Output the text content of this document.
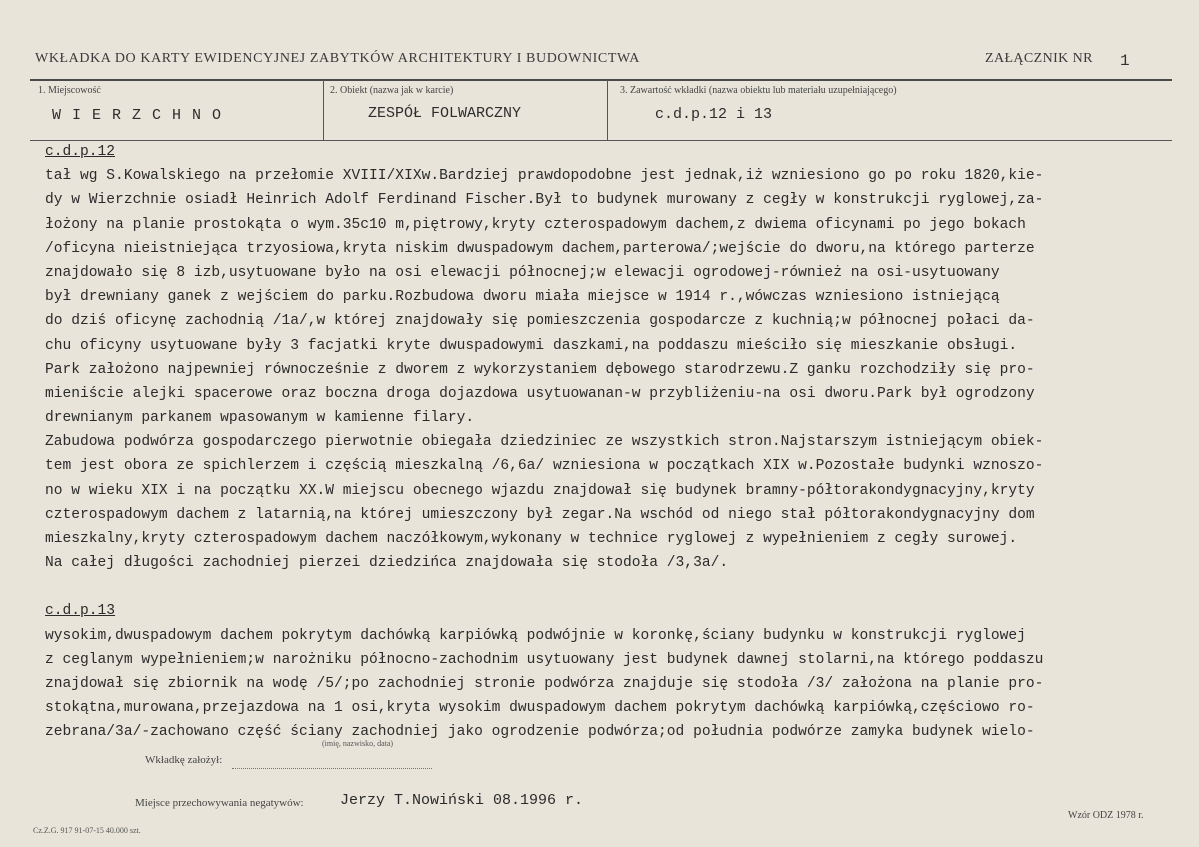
WKŁADKA DO KARTY EWIDENCYJNEJ ZABYTKÓW ARCHITEKTURY I BUDOWNICTWA	ZAŁĄCZNIK NR 1
1. Miejscowość
W I E R Z C H N O
2. Obiekt (nazwa jak w karcie)
ZESPÓŁ FOLWARCZNY
3. Zawartość wkładki (nazwa obiektu lub materiału uzupełniającego)
c.d.p.12 i 13
c.d.p.12
tał wg S.Kowalskiego na przełomie XVIII/XIXw.Bardziej prawdopodobne jest jednak,iż wzniesiono go po roku 1820,kie-
dy w Wierzchnie osiadł Heinrich Adolf Ferdinand Fischer.Był to budynek murowany z cegły w konstrukcji ryglowej,za-
łożony na planie prostokąta o wym.35c10 m,piętrowy,kryty czterospadowym dachem,z dwiema oficynami po jego bokach
/oficyna nieistniejąca trzyosiowa,kryta niskim dwuspadowym dachem,parterowa/;wejście do dworu,na którego parterze
znajdowało się 8 izb,usytuowane było na osi elewacji północnej;w elewacji ogrodowej-również na osi-usytuowany
był drewniany ganek z wejściem do parku.Rozbudowa dworu miała miejsce w 1914 r.,wówczas wzniesiono istniejącą
do dziś oficynę zachodnią /1a/,w której znajdowały się pomieszczenia gospodarcze z kuchnią;w północnej połaci da-
chu oficyny usytuowane były 3 facjatki kryte dwuspadowymi daszkami,na poddaszu mieściło się mieszkanie obsługi.
Park założono najpewniej równocześnie z dworem z wykorzystaniem dębowego starodrzewu.Z ganku rozchodziły się pro-
mieniście alejki spacerowe oraz boczna droga dojazdowa usytuowanan-w przybliżeniu-na osi dworu.Park był ogrodzony
drewnianym parkanem wpasowanym w kamienne filary.
Zabudowa podwórza gospodarczego pierwotnie obiegała dziedziniec ze wszystkich stron.Najstarszym istniejącym obiek-
tem jest obora ze spichlerzem i częścią mieszkalną /6,6a/ wzniesiona w początkach XIX w.Pozostałe budynki wznoszo-
no w wieku XIX i na początku XX.W miejscu obecnego wjazdu znajdował się budynek bramny-półtorakondygnacyjny,kryty
czterospadowym dachem z latarnią,na której umieszczony był zegar.Na wschód od niego stał półtorakondygnacyjny dom
mieszkalny,kryty czterospadowym dachem naczółkowym,wykonany w technice ryglowej z wypełnieniem z cegły surowej.
Na całej długości zachodniej pierzei dziedzińca znajdowała się stodoła /3,3a/.
c.d.p.13
wysokim,dwuspadowym dachem pokrytym dachówką karpiówką podwójnie w koronkę,ściany budynku w konstrukcji ryglowej
z ceglanym wypełnieniem;w narożniku północno-zachodnim usytuowany jest budynek dawnej stolarni,na którego poddaszu
znajdował się zbiornik na wodę /5/;po zachodniej stronie podwórza znajduje się stodoła /3/ założona na planie pro-
stokątna,murowana,przejazdowa na 1 osi,kryta wysokim dwuspadowym dachem pokrytym dachówką karpiówką,częściowo ro-
zebrana/3a/-zachowano część ściany zachodniej jako ogrodzenie podwórza;od południa podwórze zamyka budynek wielo-
Wkładkę założył:
(imię, nazwisko, data)
Miejsce przechowywania negatywów: Jerzy T.Nowiński 08.1996 r.
Wzór ODZ 1978 r.
Cz.Z.G. 917 91-07-15 40.000 szt.
